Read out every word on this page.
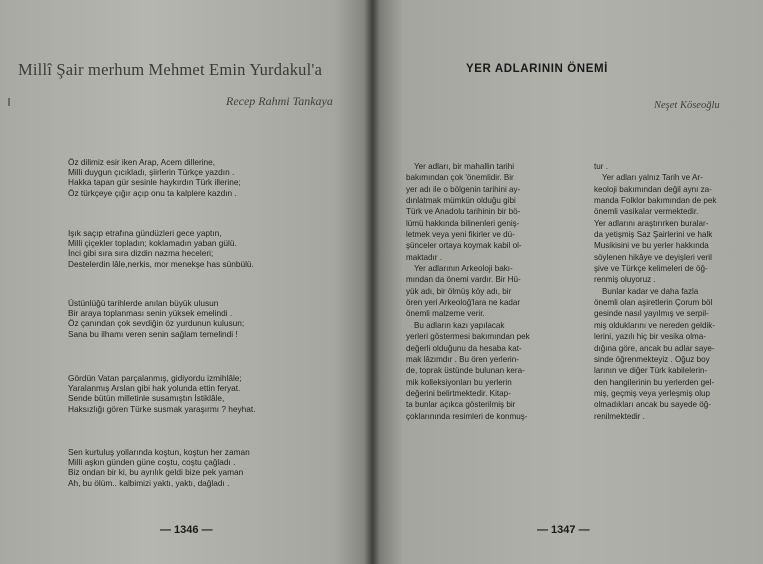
Millî Şair merhum Mehmet Emin Yurdakul'a
Recep Rahmi Tankaya
Öz dilimiz esir iken Arap, Acem dillerine,
Milli duygun çıcıkladı, şiirlerin Türkçe yazdın .
Hakka tapan gür sesinle haykırdın Türk illerine;
Öz türkçeye çığır açıp onu ta kalplere kazdın .
Işık saçıp etrafına gündüzleri gece yaptın,
Milli çiçekler topladın; koklamadın yaban gülü.
İnci gibi sıra sıra dizdin nazma heceleri;
Destelerdin lâle,nerkis, mor menekşe has sünbülü.
Üstünlüğü tarihlerde anılan büyük ulusun
Bir araya toplanması senin yüksek emelindi .
Öz çanından çok sevdiğin öz yurdunun kulusun;
Sana bu ilhamı veren senin sağlam temelindi !
Gördün Vatan parçalanmış, gidiyordu izmihlâle;
Yaralanmış Arslan gibi hak yolunda ettin feryat.
Sende bütün milletinle susamıştın İstiklâle,
Haksızlığı gören Türke susmak yaraşırmı ? heyhat.
Sen kurtuluş yollarında koştun, koştun her zaman
Milli aşkın günden güne coştu, coştu çağladı .
Biz ondan bir ki, bu ayrılık geldi bize pek yaman
Ah, bu ölüm.. kalbimizi yaktı, yaktı, dağladı .
— 1346 —
YER ADLARININ ÖNEMİ
Neşet Köseoğlu
Yer adları, bir mahallin tarihi
bakımından çok 'önemlidir. Bir
yer adı ile o bölgenin tarihini ay-
dınlatmak mümkün olduğu gibi
Türk ve Anadolu tarihinin bir bö-
lümü hakkında bilinenleri geniş-
letmek veya yeni fikirler ve dü-
şünceler ortaya koymak kabil ol-
maktadır .
Yer adlarının Arkeoloji bakı-
mından da önemi vardır. Bir Hü-
yük adı, bir ölmüş köy adı, bir
ören yeri Arkeoloğ'lara ne kadar
önemli malzeme verir.
Bu adların kazı yapılacak
yerleri göstermesi bakımından pek
değerli olduğunu da hesaba kat-
mak lâzımdır . Bu ören yerlerin-
de, toprak üstünde bulunan kera-
mik kolleksiyonları bu yerlerin
değerini belirtmektedir. Kitap-
ta bunlar açıkca gösterilmiş bir
çoklarınında resimleri de konmuş-
tur .
Yer adları yalnız Tarih ve Ar-
keoloji bakımından değil aynı za-
manda Folklor bakımından de pek
önemli vasikalar vermektedir.
Yer adlarını araştırırken buralar-
da yetişmiş Saz Şairlerini ve halk
Musikisini ve bu yerler hakkında
söylenen hikâye ve deyişleri veril
şive ve Türkçe kelimeleri de öğ-
renmiş oluyoruz .
Bunlar kadar ve daha fazla
önemli olan aşiretlerin Çorum böl
gesinde nasıl yayılmış ve serpil-
miş olduklarını ve nereden geldik-
lerini, yazılı hiç bir vesika olma-
dığına göre, ancak bu adlar saye-
sinde öğrenmekteyiz . Oğuz boy
larının ve diğer Türk kabilelerin-
den hangilerinin bu yerlerden gel-
miş, geçmiş veya yerleşmiş olup
olmadıkları ancak bu sayede öğ-
renilmektedir .
— 1347 —
